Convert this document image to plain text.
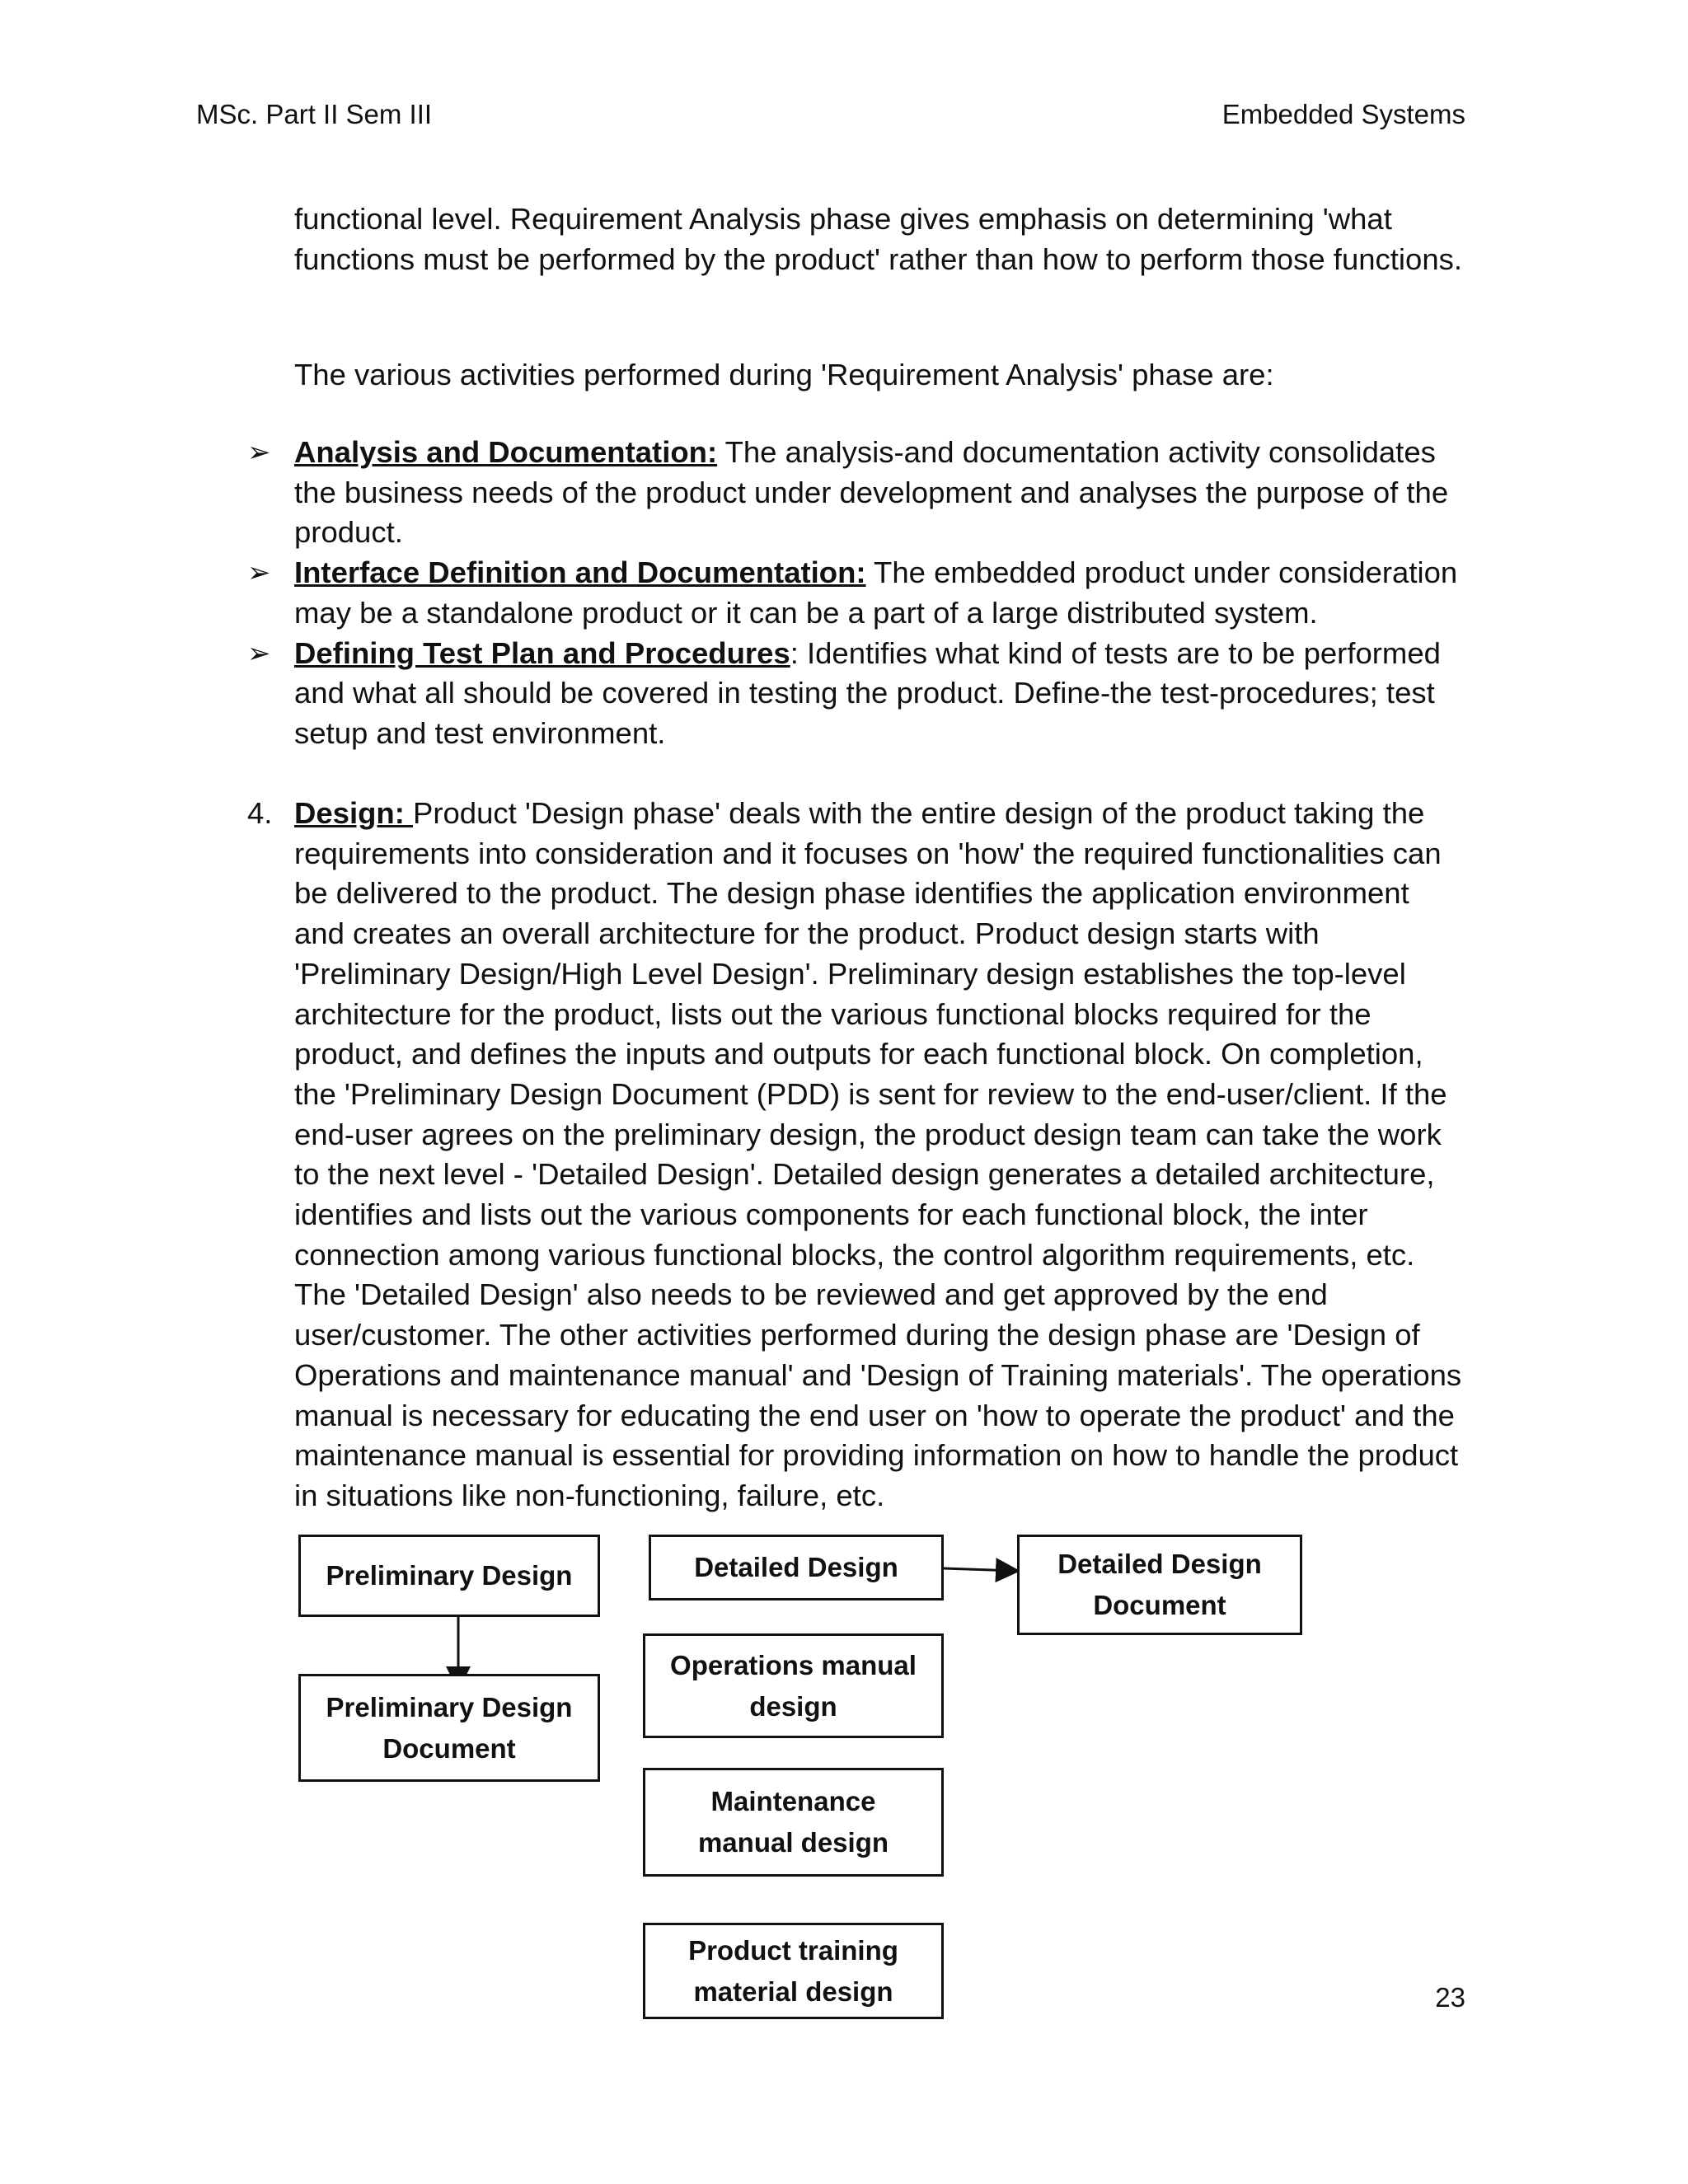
MSc. Part II Sem III	Embedded Systems
functional level. Requirement Analysis phase gives emphasis on determining 'what functions must be performed by the product' rather than how to perform those functions.
The various activities performed during 'Requirement Analysis' phase are:
➢ Analysis and Documentation: The analysis-and documentation activity consolidates the business needs of the product under development and analyses the purpose of the product.
➢ Interface Definition and Documentation: The embedded product under consideration may be a standalone product or it can be a part of a large distributed system.
➢ Defining Test Plan and Procedures: Identifies what kind of tests are to be performed and what all should be covered in testing the product. Define-the test-procedures; test setup and test environment.
4. Design: Product 'Design phase' deals with the entire design of the product taking the requirements into consideration and it focuses on 'how' the required functionalities can be delivered to the product. The design phase identifies the application environment and creates an overall architecture for the product. Product design starts with 'Preliminary Design/High Level Design'. Preliminary design establishes the top-level architecture for the product, lists out the various functional blocks required for the product, and defines the inputs and outputs for each functional block. On completion, the 'Preliminary Design Document (PDD) is sent for review to the end-user/client. If the end-user agrees on the preliminary design, the product design team can take the work to the next level - 'Detailed Design'. Detailed design generates a detailed architecture, identifies and lists out the various components for each functional block, the inter connection among various functional blocks, the control algorithm requirements, etc. The 'Detailed Design' also needs to be reviewed and get approved by the end user/customer. The other activities performed during the design phase are 'Design of Operations and maintenance manual' and 'Design of Training materials'. The operations manual is necessary for educating the end user on 'how to operate the product' and the maintenance manual is essential for providing information on how to handle the product in situations like non-functioning, failure, etc.
Preliminary Design
Preliminary Design
Document
Detailed Design	Detailed Design
Document
Operations manual
design
Maintenance
manual design
Product training
material design	23
